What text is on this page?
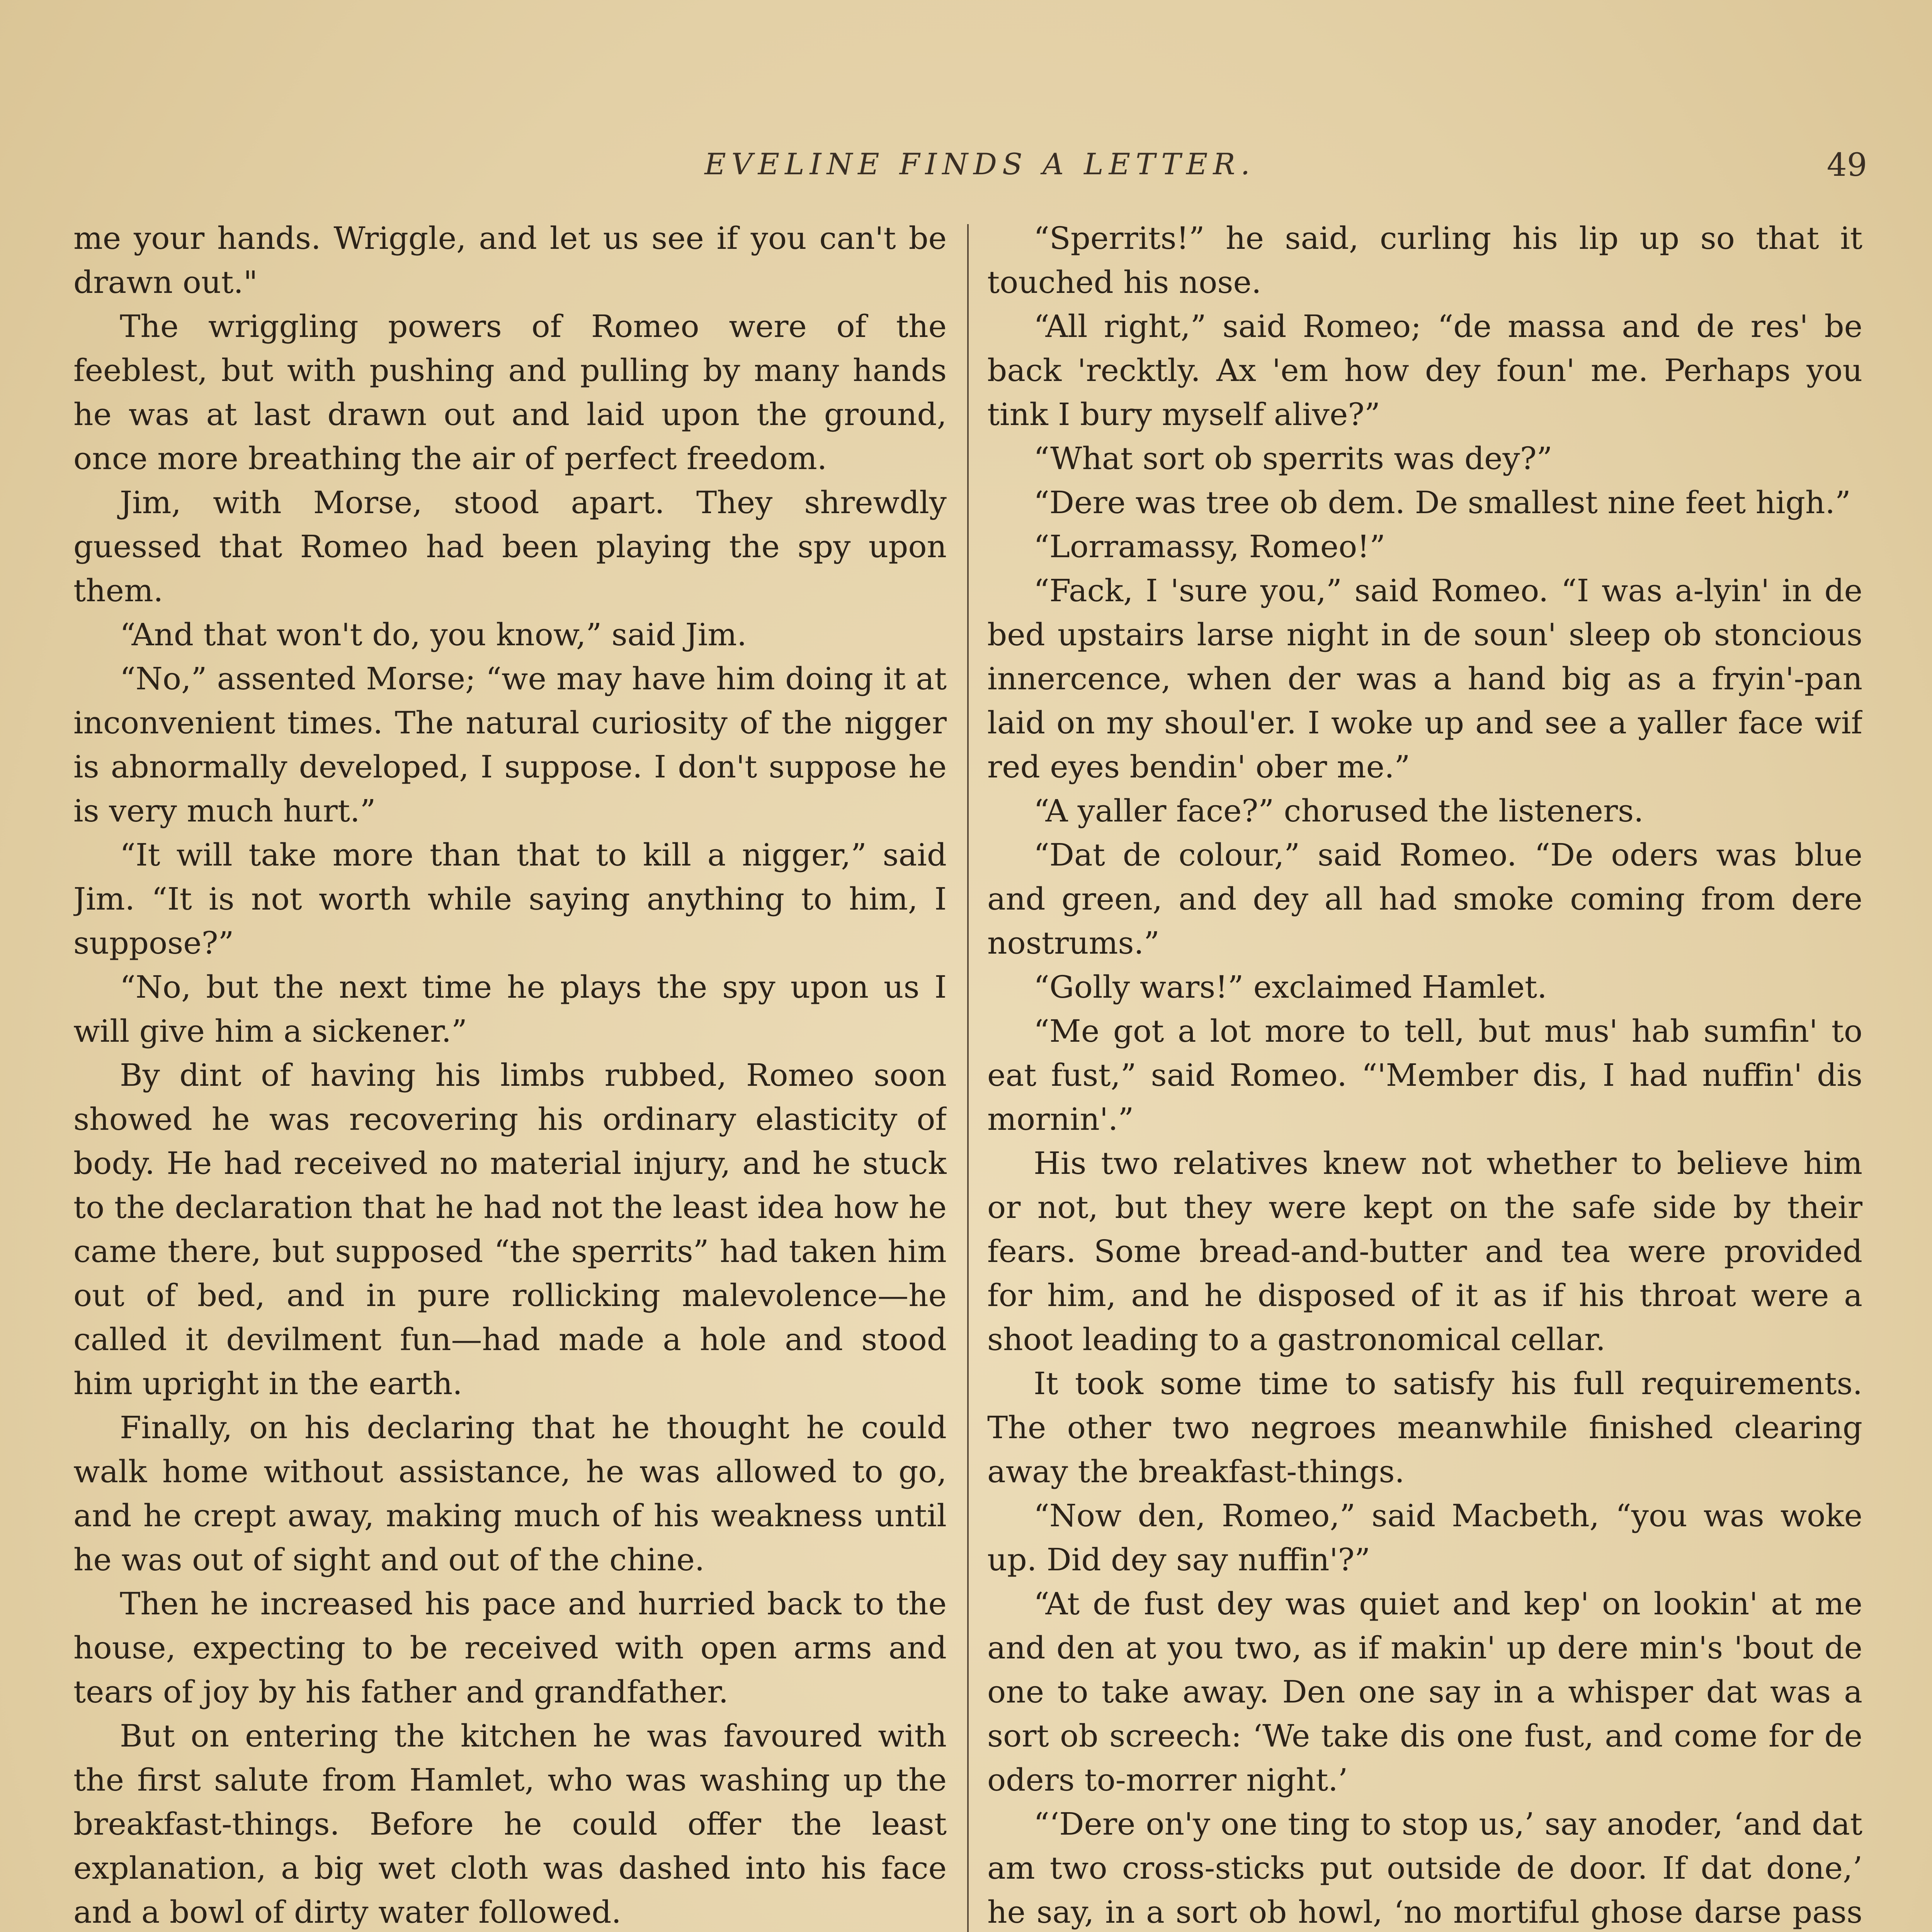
EVELINE FINDS A LETTER.	49

me your hands. Wriggle, and let us see if you can't be drawn out."

The wriggling powers of Romeo were of the feeblest, but with pushing and pulling by many hands he was at last drawn out and laid upon the ground, once more breathing the air of perfect freedom.

Jim, with Morse, stood apart. They shrewdly guessed that Romeo had been playing the spy upon them.

“And that won't do, you know,” said Jim.

“No,” assented Morse; “we may have him doing it at inconvenient times. The natural curiosity of the nigger is abnormally developed, I suppose. I don't suppose he is very much hurt.”

“It will take more than that to kill a nigger,” said Jim. “It is not worth while saying anything to him, I suppose?”

“No, but the next time he plays the spy upon us I will give him a sickener.”

By dint of having his limbs rubbed, Romeo soon showed he was recovering his ordinary elasticity of body. He had received no material injury, and he stuck to the declaration that he had not the least idea how he came there, but supposed “the sperrits” had taken him out of bed, and in pure rollicking malevolence—he called it devilment fun—had made a hole and stood him upright in the earth.

Finally, on his declaring that he thought he could walk home without assistance, he was allowed to go, and he crept away, making much of his weakness until he was out of sight and out of the chine.

Then he increased his pace and hurried back to the house, expecting to be received with open arms and tears of joy by his father and grandfather.

But on entering the kitchen he was favoured with the first salute from Hamlet, who was washing up the breakfast-things. Before he could offer the least explanation, a big wet cloth was dashed into his face and a bowl of dirty water followed.

“Sperrits!” he said, curling his lip up so that it touched his nose.

“All right,” said Romeo; “de massa and de res' be back 'recktly. Ax 'em how dey foun' me. Perhaps you tink I bury myself alive?”

“What sort ob sperrits was dey?”

“Dere was tree ob dem. De smallest nine feet high.”

“Lorramassy, Romeo!”

“Fack, I 'sure you,” said Romeo. “I was a-lyin' in de bed upstairs larse night in de soun' sleep ob stoncious innercence, when der was a hand big as a fryin'-pan laid on my shoul'er. I woke up and see a yaller face wif red eyes bendin' ober me.”

“A yaller face?” chorused the listeners.

“Dat de colour,” said Romeo. “De oders was blue and green, and dey all had smoke coming from dere nostrums.”

“Golly wars!” exclaimed Hamlet.

“Me got a lot more to tell, but mus' hab sumfin' to eat fust,” said Romeo. “'Member dis, I had nuffin' dis mornin'.”

His two relatives knew not whether to believe him or not, but they were kept on the safe side by their fears. Some bread-and-butter and tea were provided for him, and he disposed of it as if his throat were a shoot leading to a gastronomical cellar.

It took some time to satisfy his full requirements. The other two negroes meanwhile finished clearing away the breakfast-things.

“Now den, Romeo,” said Macbeth, “you was woke up. Did dey say nuffin'?”

“At de fust dey was quiet and kep' on lookin' at me and den at you two, as if makin' up dere min's 'bout de one to take away. Den one say in a whisper dat was a sort ob screech: ‘We take dis one fust, and come for de oders to-morrer night.’

“‘Dere on'y one ting to stop us,’ say anoder, ‘and dat am two cross-sticks put outside de door. If dat done,’ he say, in a sort ob howl, ‘no mortiful ghose darse pass
